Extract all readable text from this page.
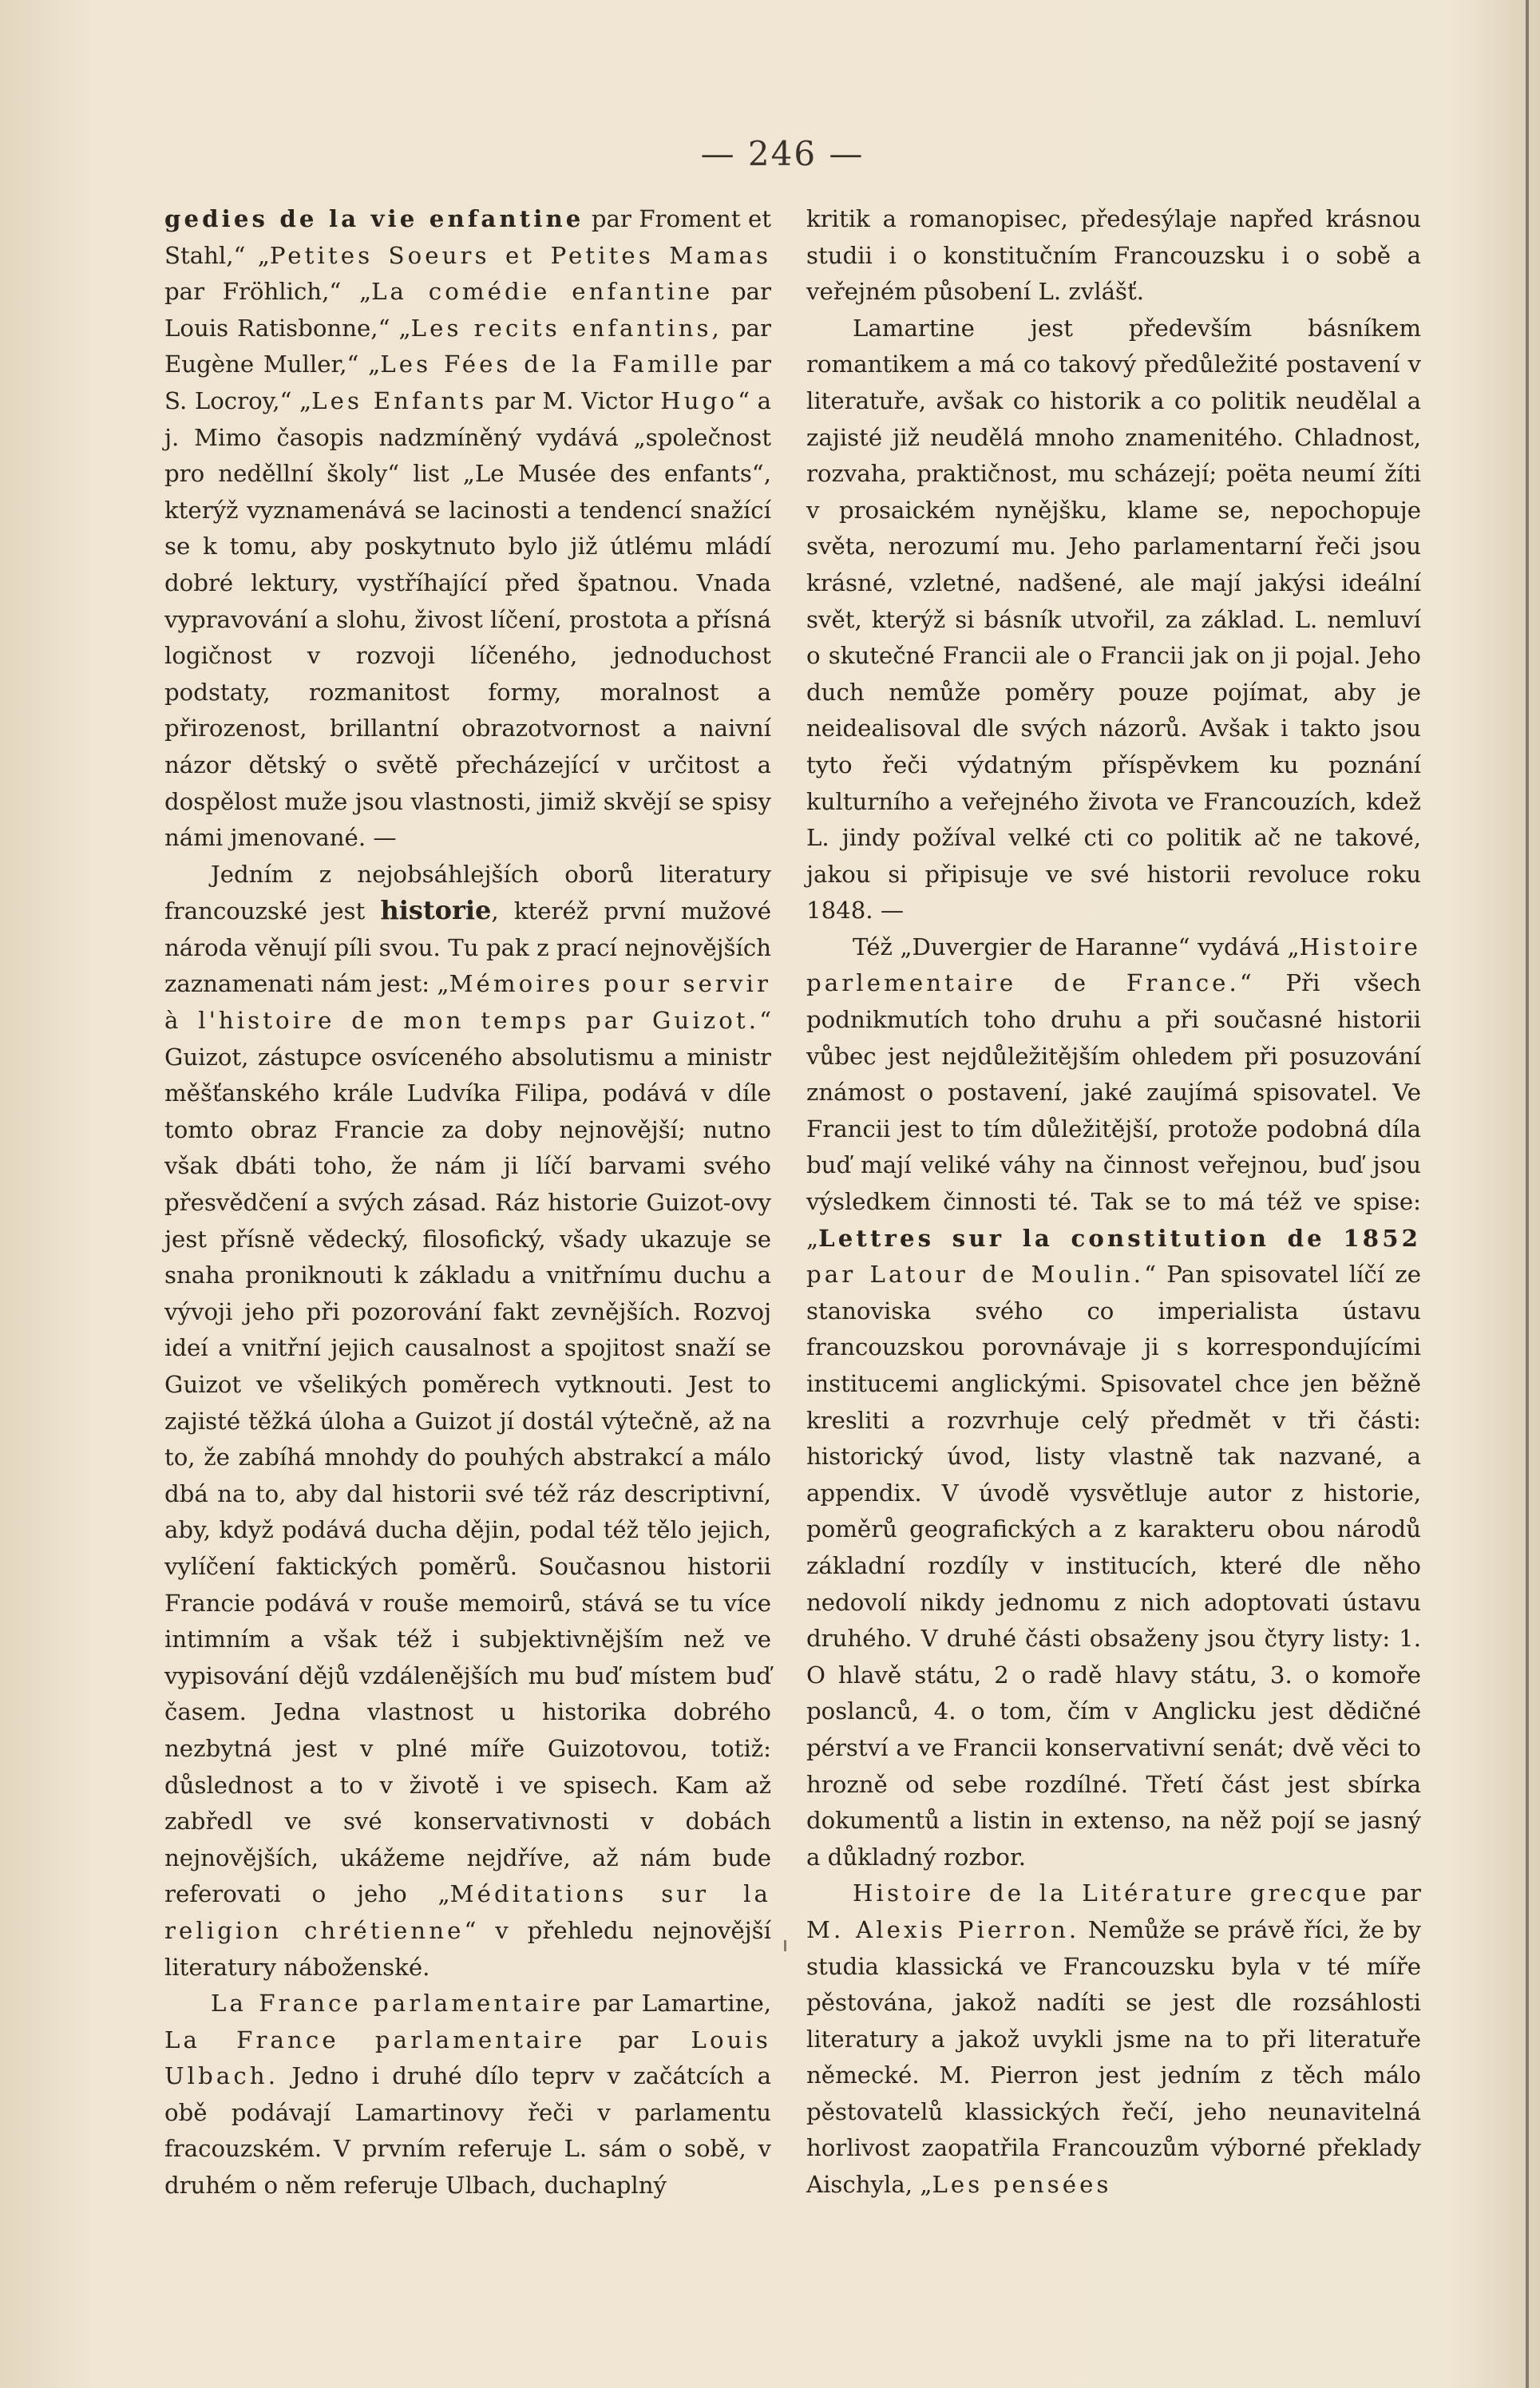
— 246 —

gedies de la vie enfantine par Froment et Stahl,“ „Petites Soeurs et Petites Mamas par Fröhlich,“ „La comédie enfantine par Louis Ratisbonne,“ „Les recits enfantins, par Eugène Muller,“ „Les Fées de la Famille par S. Locroy,“ „Les Enfants par M. Victor Hugo“ a j. Mimo časopis nadzmíněný vydává „společnost pro neděllní školy“ list „Le Musée des enfants“, kterýž vyznamenává se lacinosti a tendencí snažící se k tomu, aby poskytnuto bylo již útlému mládí dobré lektury, vystříhající před špatnou. Vnada vypravování a slohu, živost líčení, prostota a přísná logičnost v rozvoji líčeného, jednoduchost podstaty, rozmanitost formy, moralnost a přirozenost, brillantní obrazotvornost a naivní názor dětský o světě přecházející v určitost a dospělost muže jsou vlastnosti, jimiž skvějí se spisy námi jmenované. —

Jedním z nejobsáhlejších oborů literatury francouzské jest historie, kteréž první mužové národa věnují píli svou. Tu pak z prací nejnovějších zaznamenati nám jest: „Mémoires pour servir à l'histoire de mon temps par Guizot.“ Guizot, zástupce osvíceného absolutismu a ministr měšťanského krále Ludvíka Filipa, podává v díle tomto obraz Francie za doby nejnovější; nutno však dbáti toho, že nám ji líčí barvami svého přesvědčení a svých zásad. Ráz historie Guizot-ovy jest přísně vědecký, filosofický, všady ukazuje se snaha proniknouti k základu a vnitřnímu duchu a vývoji jeho při pozorování fakt zevnějších. Rozvoj ideí a vnitřní jejich causalnost a spojitost snaží se Guizot ve všelikých poměrech vytknouti. Jest to zajisté těžká úloha a Guizot jí dostál výtečně, až na to, že zabíhá mnohdy do pouhých abstrakcí a málo dbá na to, aby dal historii své též ráz descriptivní, aby, když podává ducha dějin, podal též tělo jejich, vylíčení faktických poměrů. Současnou historii Francie podává v rouše memoirů, stává se tu více intimním a však též i subjektivnějším než ve vypisování dějů vzdálenějších mu buď místem buď časem. Jedna vlastnost u historika dobrého nezbytná jest v plné míře Guizotovou, totiž: důslednost a to v životě i ve spisech. Kam až zabředl ve své konservativnosti v dobách nejnovějších, ukážeme nejdříve, až nám bude referovati o jeho „Méditations sur la religion chrétienne“ v přehledu nejnovější literatury náboženské.

La France parlamentaire par Lamartine, La France parlamentaire par Louis Ulbach. Jedno i druhé dílo teprv v začátcích a obě podávají Lamartinovy řeči v parlamentu fracouzském. V prvním referuje L. sám o sobě, v druhém o něm referuje Ulbach, duchaplný

kritik a romanopisec, předesýlaje napřed krásnou studii i o konstitučním Francouzsku i o sobě a veřejném působení L. zvlášť.

Lamartine jest především básníkem romantikem a má co takový předůležité postavení v literatuře, avšak co historik a co politik neudělal a zajisté již neudělá mnoho znamenitého. Chladnost, rozvaha, praktičnost, mu scházejí; poëta neumí žíti v prosaickém nynějšku, klame se, nepochopuje světa, nerozumí mu. Jeho parlamentarní řeči jsou krásné, vzletné, nadšené, ale mají jakýsi ideální svět, kterýž si básník utvořil, za základ. L. nemluví o skutečné Francii ale o Francii jak on ji pojal. Jeho duch nemůže poměry pouze pojímat, aby je neidealisoval dle svých názorů. Avšak i takto jsou tyto řeči výdatným příspěvkem ku poznání kulturního a veřejného života ve Francouzích, kdež L. jindy požíval velké cti co politik ač ne takové, jakou si připisuje ve své historii revoluce roku 1848. —

Též „Duvergier de Haranne“ vydává „Histoire parlementaire de France.“ Při všech podnikmutích toho druhu a při současné historii vůbec jest nejdůležitějším ohledem při posuzování známost o postavení, jaké zaujímá spisovatel. Ve Francii jest to tím důležitější, protože podobná díla buď mají veliké váhy na činnost veřejnou, buď jsou výsledkem činnosti té. Tak se to má též ve spise: „Lettres sur la constitution de 1852 par Latour de Moulin.“ Pan spisovatel líčí ze stanoviska svého co imperialista ústavu francouzskou porovnávaje ji s korrespondujícími institucemi anglickými. Spisovatel chce jen běžně kresliti a rozvrhuje celý předmět v tři části: historický úvod, listy vlastně tak nazvané, a appendix. V úvodě vysvětluje autor z historie, poměrů geografických a z karakteru obou národů základní rozdíly v institucích, které dle něho nedovolí nikdy jednomu z nich adoptovati ústavu druhého. V druhé části obsaženy jsou čtyry listy: 1. O hlavě státu, 2 o radě hlavy státu, 3. o komoře poslanců, 4. o tom, čím v Anglicku jest dědičné pérství a ve Francii konservativní senát; dvě věci to hrozně od sebe rozdílné. Třetí část jest sbírka dokumentů a listin in extenso, na něž pojí se jasný a důkladný rozbor.

Histoire de la Litérature grecque par M. Alexis Pierron. Nemůže se právě říci, že by studia klassická ve Francouzsku byla v té míře pěstována, jakož nadíti se jest dle rozsáhlosti literatury a jakož uvykli jsme na to při literatuře německé. M. Pierron jest jedním z těch málo pěstovatelů klassických řečí, jeho neunavitelná horlivost zaopatřila Francouzům výborné překlady Aischyla, „Les pensées
